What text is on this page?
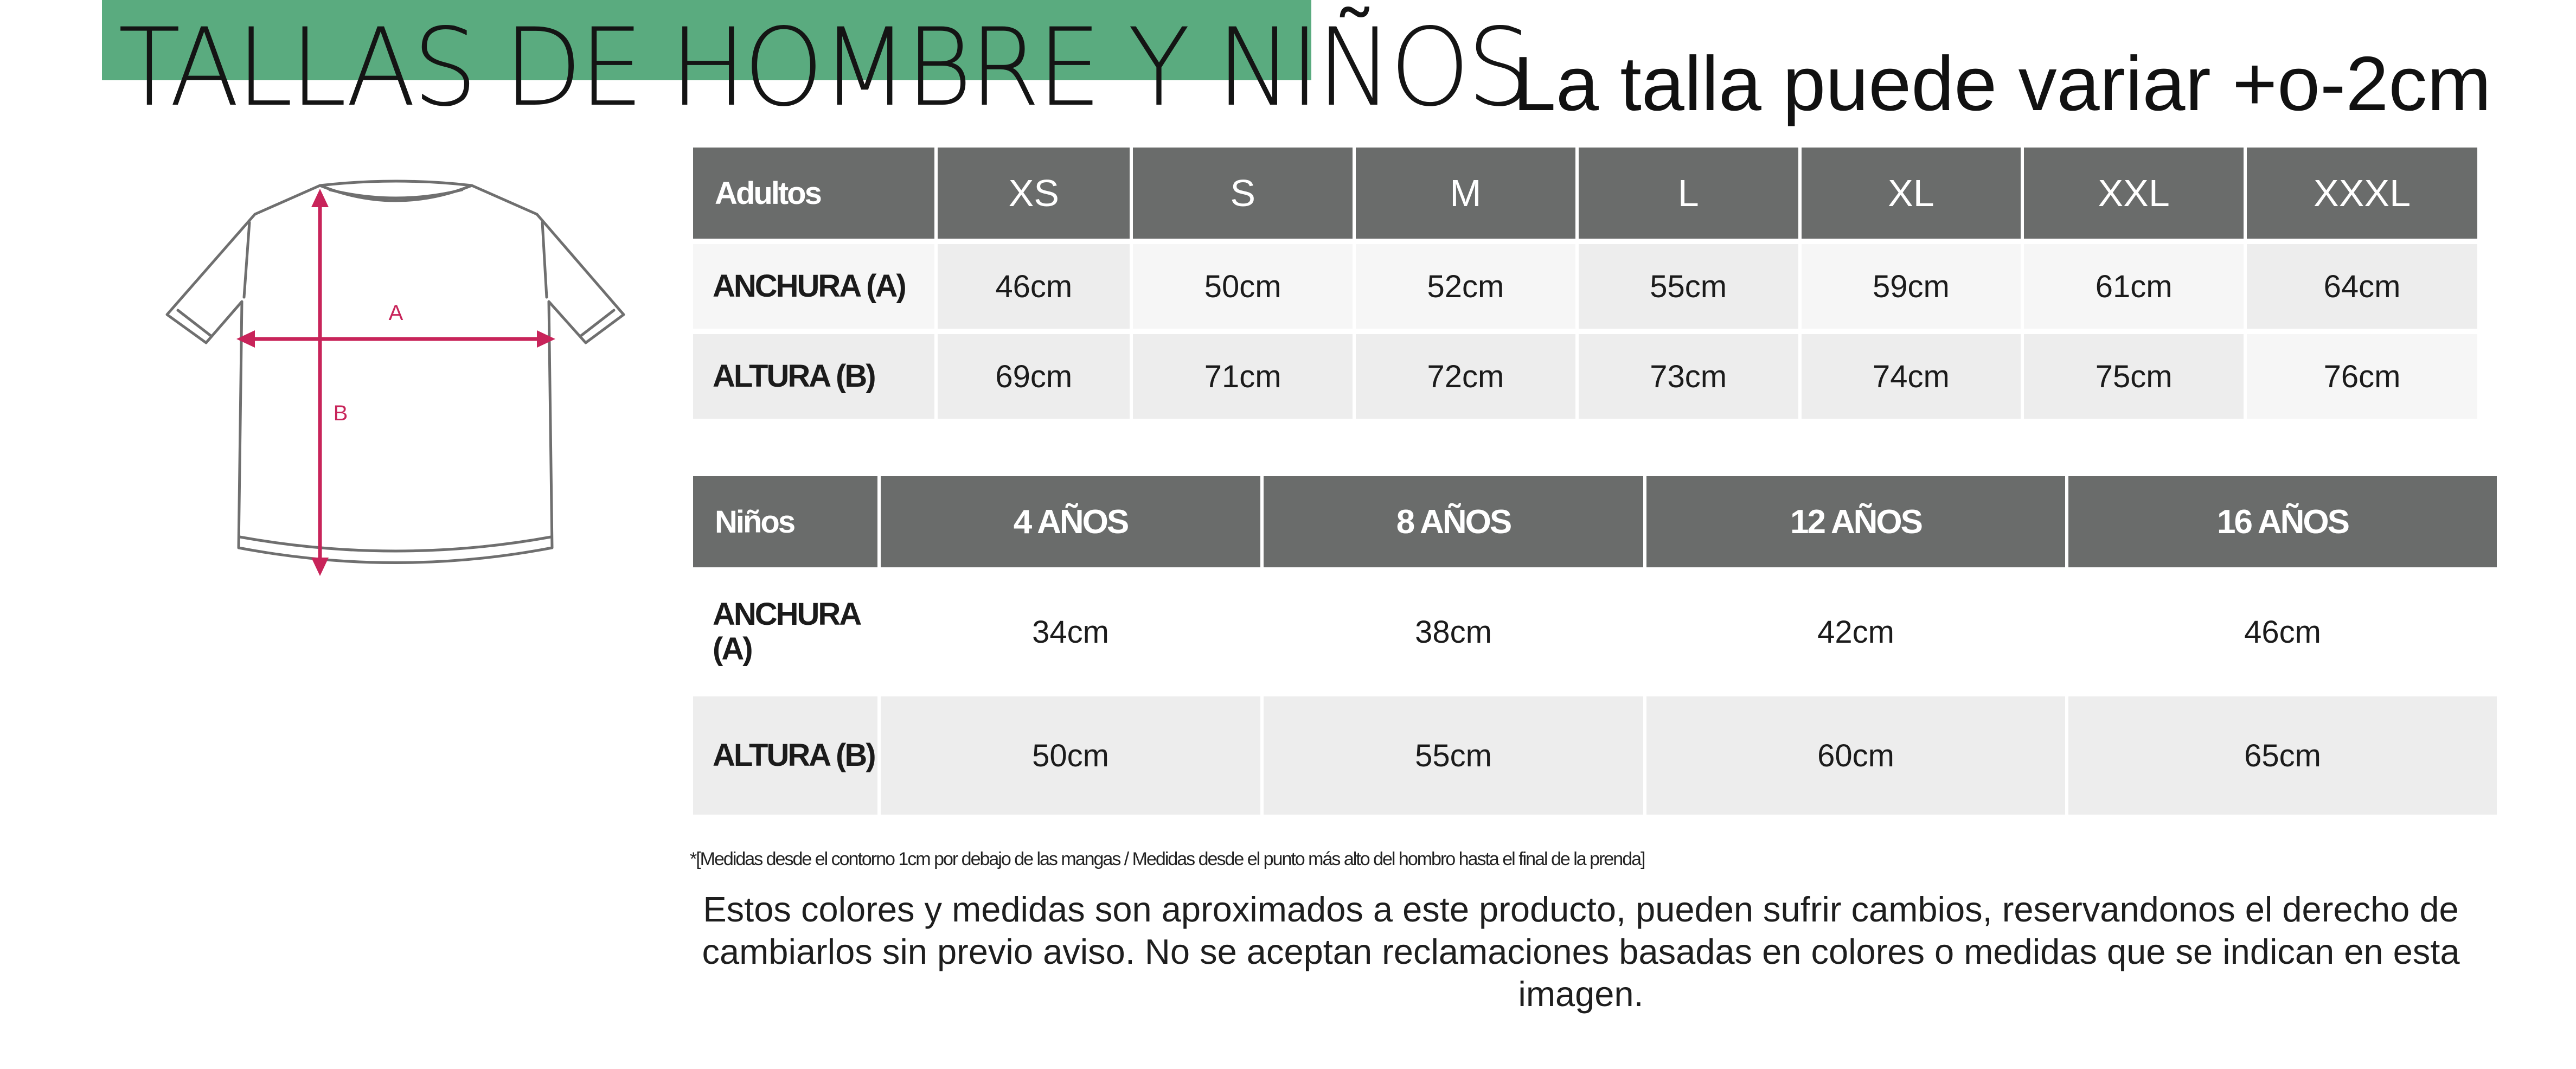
TALLAS DE HOMBRE Y NIÑOS

La talla puede variar +o-2cm

A
B
Adultos	XS	S	M	L	XL	XXL	XXXL
ANCHURA (A)	46cm	50cm	52cm	55cm	59cm	61cm	64cm
ALTURA (B)	69cm	71cm	72cm	73cm	74cm	75cm	76cm
Niños	4 AÑOS	8 AÑOS	12 AÑOS	16 AÑOS
ANCHURA (A)	34cm	38cm	42cm	46cm
ALTURA (B)	50cm	55cm	60cm	65cm

*[Medidas desde el contorno 1cm por debajo de las mangas / Medidas desde el punto más alto del hombro hasta el final de la prenda]

Estos colores y medidas son aproximados a este producto, pueden sufrir cambios, reservandonos el derecho de cambiarlos sin previo aviso. No se aceptan reclamaciones basadas en colores o medidas que se indican en esta imagen.
